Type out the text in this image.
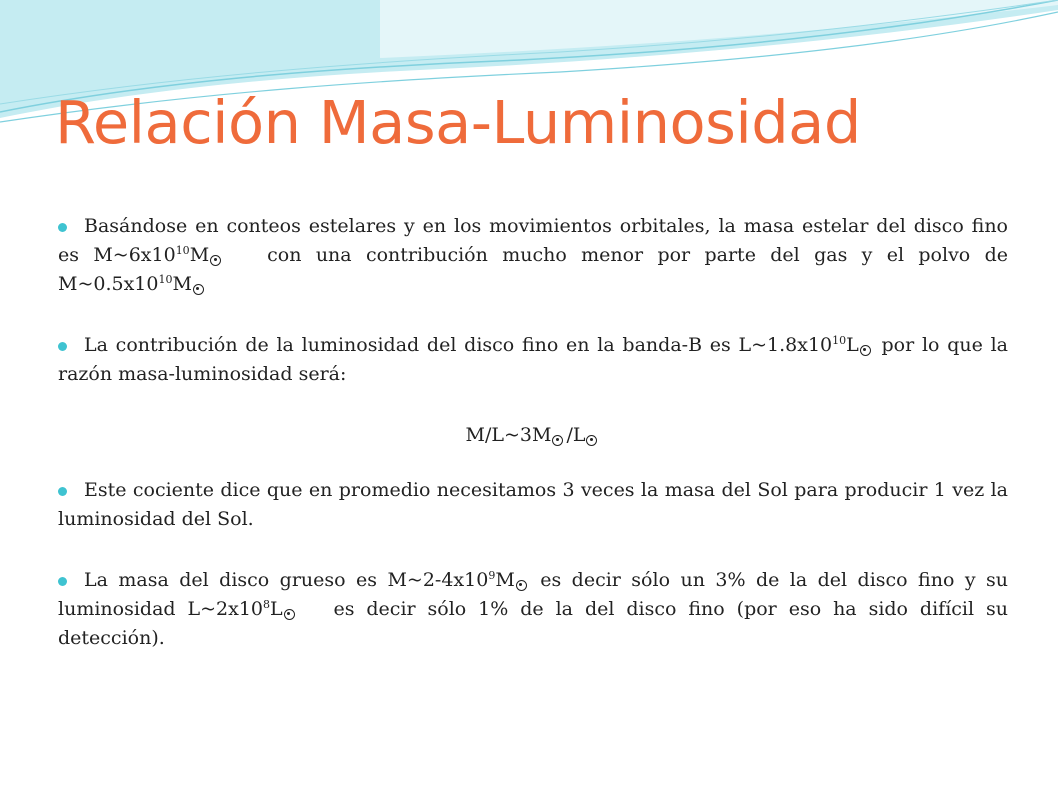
Relación Masa-Luminosidad
Basándose en conteos estelares y en los movimientos orbitales, la masa estelar del disco fino es $M\sim 6x10^{10}M$   con una contribución mucho menor por parte del gas y el polvo de $M\sim 0.5x10^{10}M$
La contribución de la luminosidad del disco fino en la banda-B es $L\sim 1.8x10^{10}L$ por lo que la razón masa-luminosidad será:

M/L~3M /L

Este cociente dice que en promedio necesitamos 3 veces la masa del Sol para producir 1 vez la luminosidad del Sol.
La masa del disco grueso es $M\sim 2-4x10^9M$ es decir sólo un 3% de la del disco fino y su luminosidad $L\sim 2x10^8L$   es decir sólo 1% de la del disco fino (por eso ha sido difícil su detección).
